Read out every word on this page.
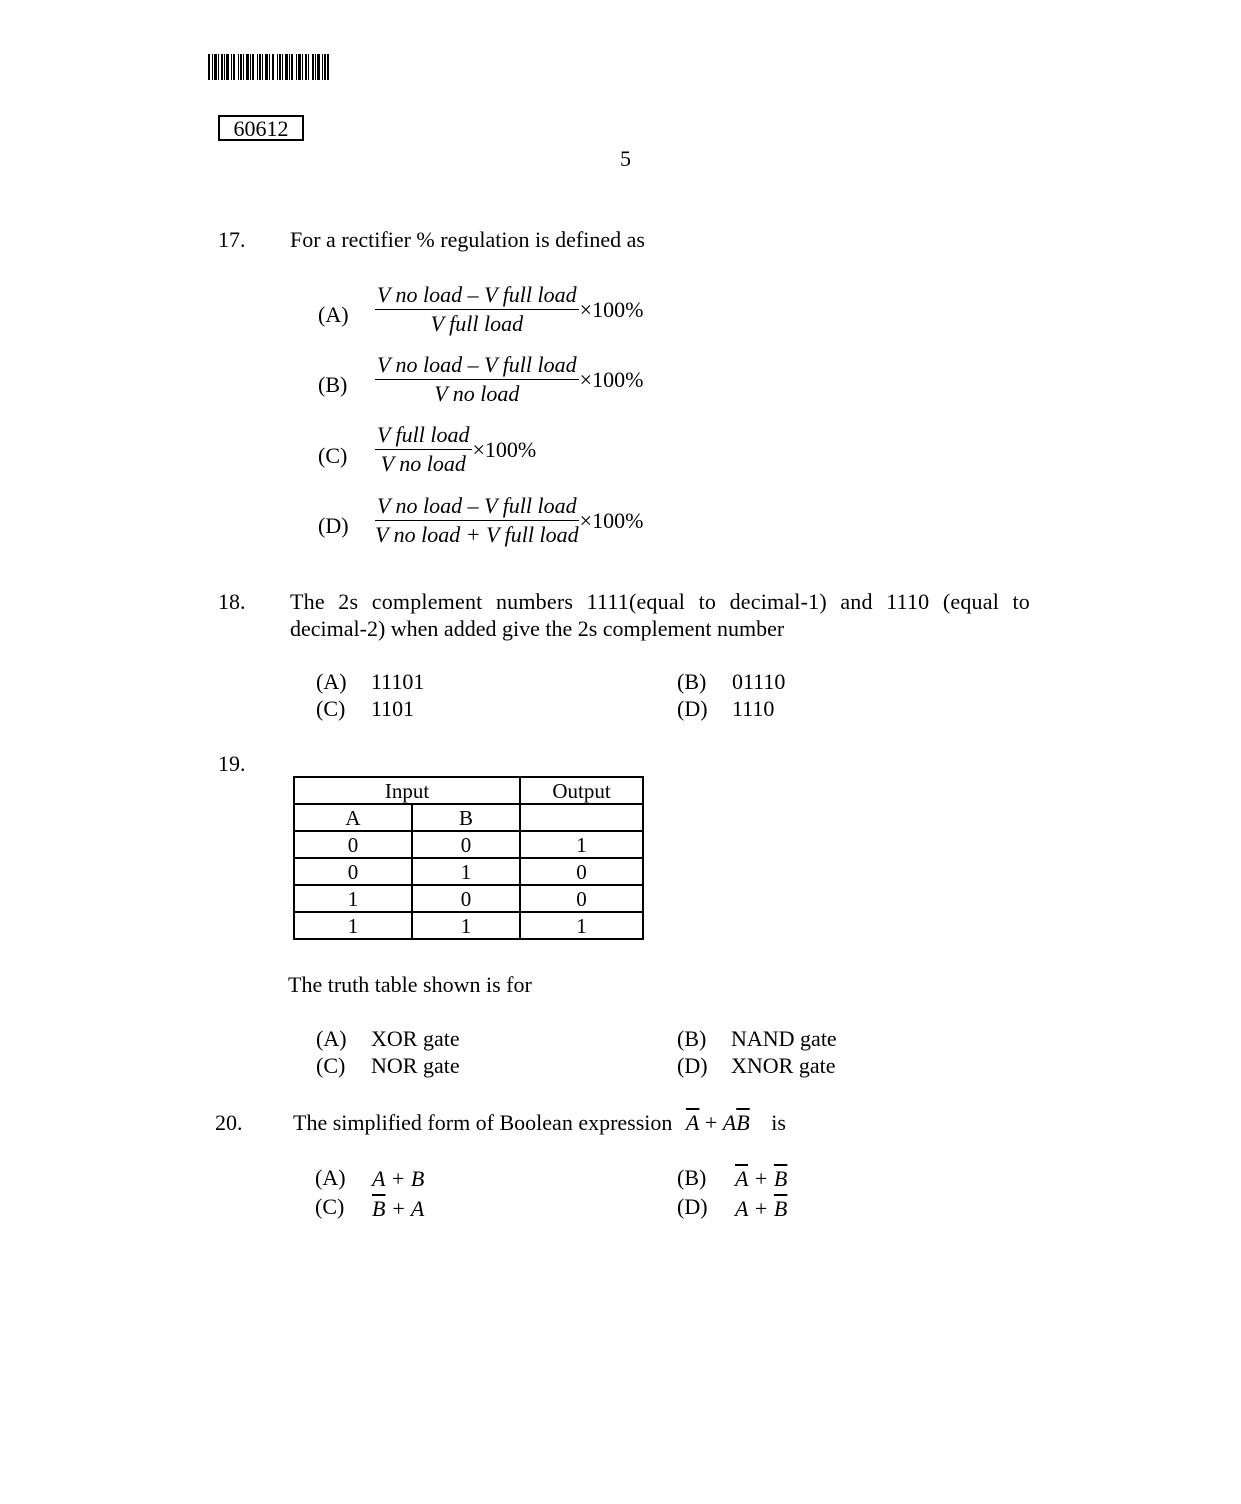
60612
5
17. For a rectifier % regulation is defined as
$(A) \frac{\text{V no load – V full load}}{\text{V full load}} \times 100\%$
$(B) \frac{\text{V no load – V full load}}{\text{V no load}} \times 100\%$
$(C) \frac{\text{V full load}}{\text{V no load}} \times 100\%$
$(D) \frac{\text{V no load – V full load}}{\text{V no load + V full load}} \times 100\%$
18. The 2s complement numbers 1111(equal to decimal-1) and 1110 (equal to
decimal-2) when added give the 2s complement number
(A) 11101	(B) 01110
(C) 1101	(D) 1110
19.
Input		Output
A	B	
0	0	1
0	1	0
1	0	0
1	1	1
The truth table shown is for
(A) XOR gate	(B) NAND gate
(C) NOR gate	(D) XNOR gate
20. The simplified form of Boolean expression $\overline{A} + A\overline{B}$ is
(A) A + B	(B) $\overline{A} + \overline{B}$
(C) $\overline{B} + A$	(D) $A + \overline{B}$
